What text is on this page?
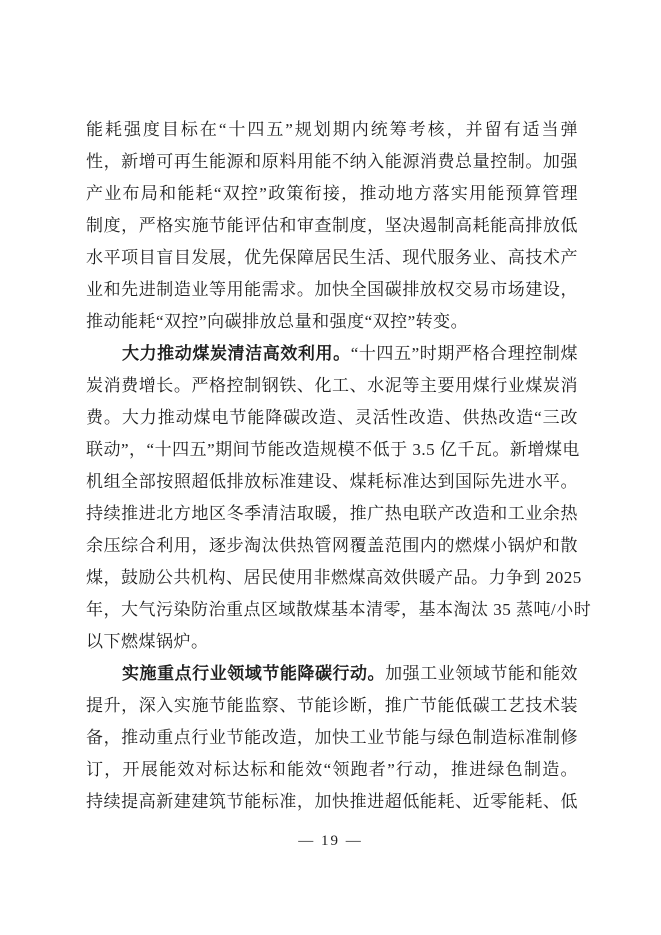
能耗强度目标在“十四五”规划期内统筹考核，并留有适当弹
性，新增可再生能源和原料用能不纳入能源消费总量控制。加强
产业布局和能耗“双控”政策衔接，推动地方落实用能预算管理
制度，严格实施节能评估和审查制度，坚决遏制高耗能高排放低
水平项目盲目发展，优先保障居民生活、现代服务业、高技术产
业和先进制造业等用能需求。加快全国碳排放权交易市场建设，
推动能耗“双控”向碳排放总量和强度“双控”转变。
大力推动煤炭清洁高效利用。“十四五”时期严格合理控制煤
炭消费增长。严格控制钢铁、化工、水泥等主要用煤行业煤炭消
费。大力推动煤电节能降碳改造、灵活性改造、供热改造“三改
联动”，“十四五”期间节能改造规模不低于 3.5 亿千瓦。新增煤电
机组全部按照超低排放标准建设、煤耗标准达到国际先进水平。
持续推进北方地区冬季清洁取暖，推广热电联产改造和工业余热
余压综合利用，逐步淘汰供热管网覆盖范围内的燃煤小锅炉和散
煤，鼓励公共机构、居民使用非燃煤高效供暖产品。力争到 2025
年，大气污染防治重点区域散煤基本清零，基本淘汰 35 蒸吨/小时
以下燃煤锅炉。
实施重点行业领域节能降碳行动。加强工业领域节能和能效
提升，深入实施节能监察、节能诊断，推广节能低碳工艺技术装
备，推动重点行业节能改造，加快工业节能与绿色制造标准制修
订，开展能效对标达标和能效“领跑者”行动，推进绿色制造。
持续提高新建建筑节能标准，加快推进超低能耗、近零能耗、低
— 19 —
